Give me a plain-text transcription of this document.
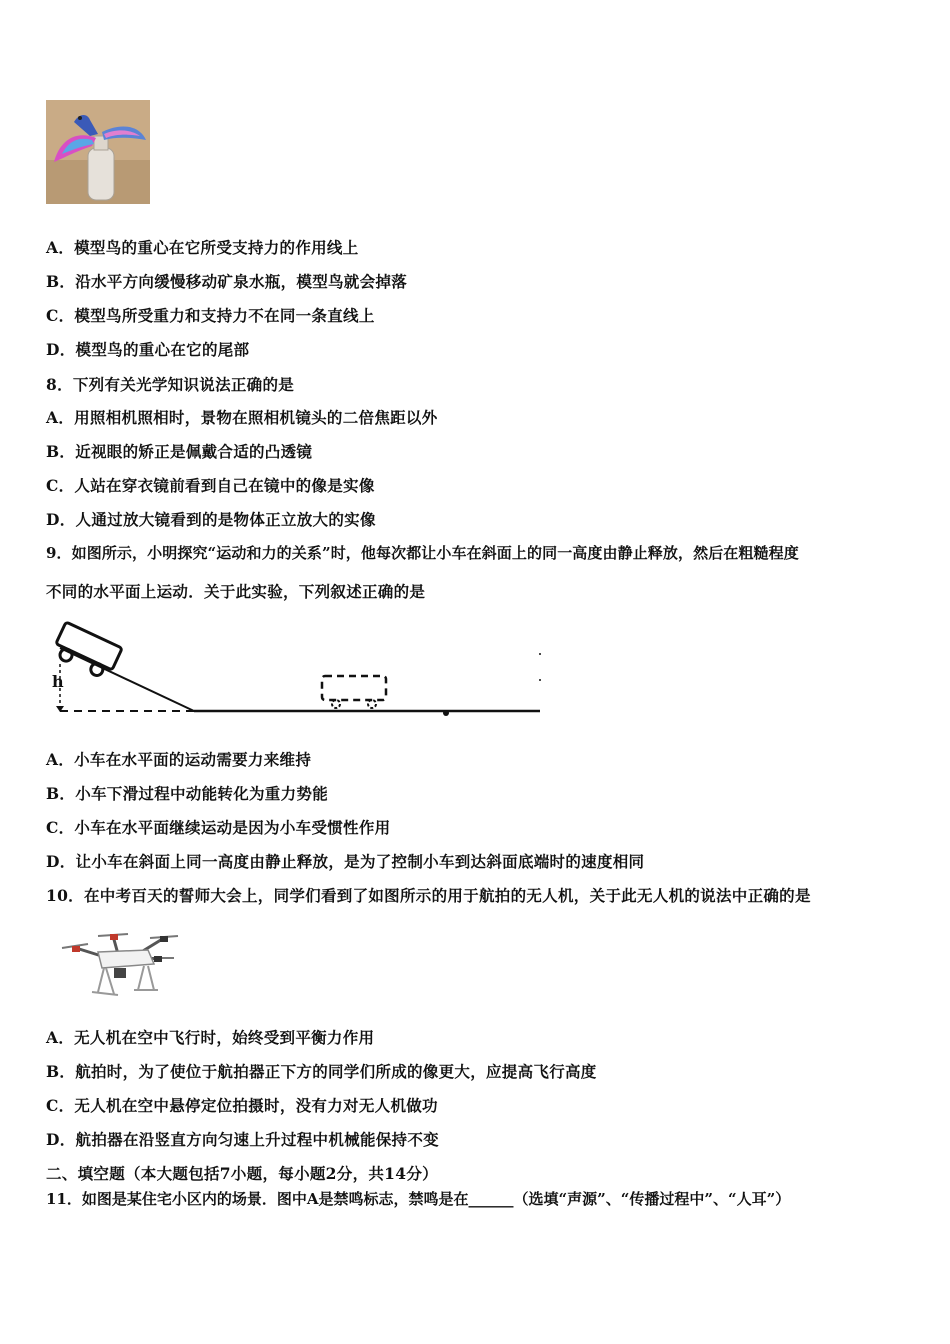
A．模型鸟的重心在它所受支持力的作用线上
B．沿水平方向缓慢移动矿泉水瓶，模型鸟就会掉落
C．模型鸟所受重力和支持力不在同一条直线上
D．模型鸟的重心在它的尾部
8．下列有关光学知识说法正确的是
A．用照相机照相时，景物在照相机镜头的二倍焦距以外
B．近视眼的矫正是佩戴合适的凸透镜
C．人站在穿衣镜前看到自己在镜中的像是实像
D．人通过放大镜看到的是物体正立放大的实像
9．如图所示，小明探究“运动和力的关系”时，他每次都让小车在斜面上的同一高度由静止释放，然后在粗糙程度
不同的水平面上运动．关于此实验，下列叙述正确的是
h
A．小车在水平面的运动需要力来维持
B．小车下滑过程中动能转化为重力势能
C．小车在水平面继续运动是因为小车受惯性作用
D．让小车在斜面上同一高度由静止释放，是为了控制小车到达斜面底端时的速度相同
10．在中考百天的誓师大会上，同学们看到了如图所示的用于航拍的无人机，关于此无人机的说法中正确的是
A．无人机在空中飞行时，始终受到平衡力作用
B．航拍时，为了使位于航拍器正下方的同学们所成的像更大，应提高飞行高度
C．无人机在空中悬停定位拍摄时，没有力对无人机做功
D．航拍器在沿竖直方向匀速上升过程中机械能保持不变
二、填空题（本大题包括7小题，每小题2分，共14分）
11．如图是某住宅小区内的场景．图中A是禁鸣标志，禁鸣是在______（选填“声源”、“传播过程中”、“人耳”）
